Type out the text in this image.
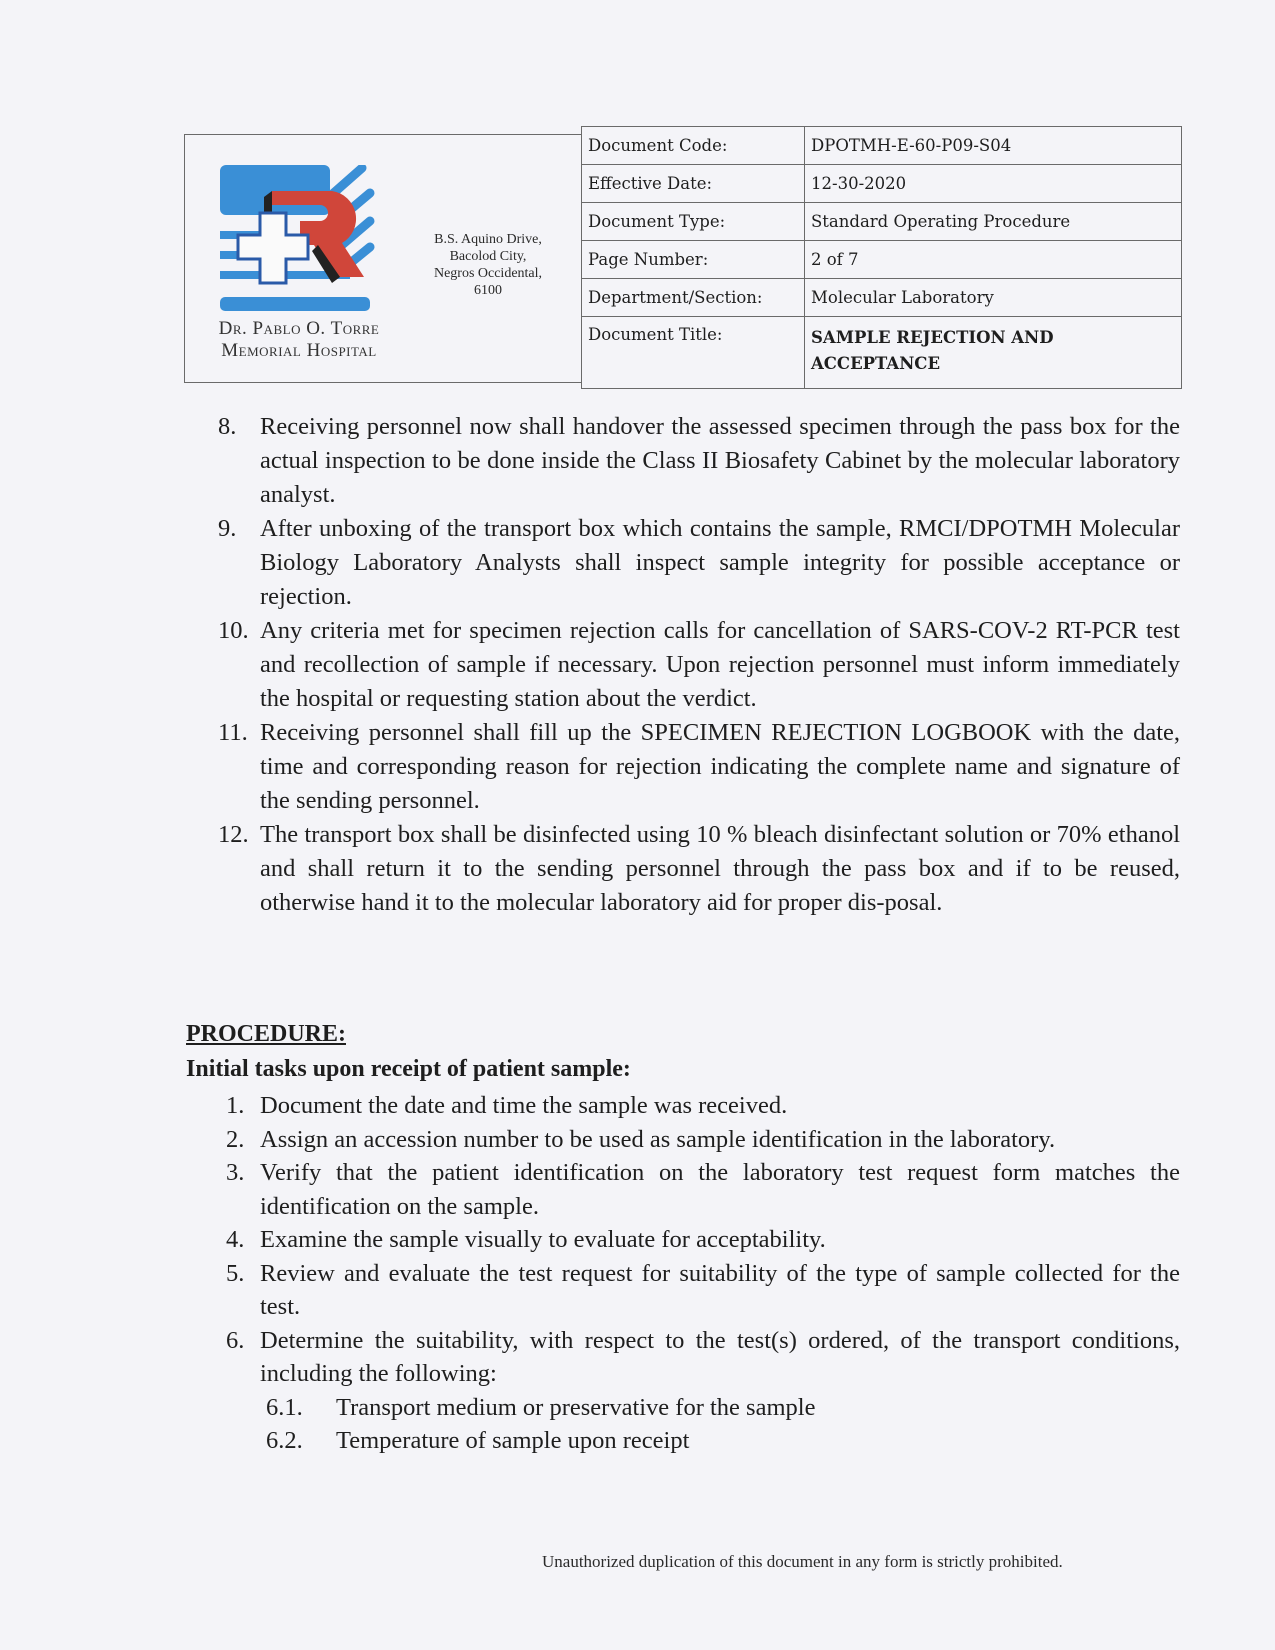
Dr. Pablo O. Torre
Memorial Hospital
B.S. Aquino Drive,
Bacolod City,
Negros Occidental,
6100
Document Code:	DPOTMH-E-60-P09-S04
Effective Date:	12-30-2020
Document Type:	Standard Operating Procedure
Page Number:	2 of 7
Department/Section:	Molecular Laboratory
Document Title:	SAMPLE REJECTION AND ACCEPTANCE
8. Receiving personnel now shall handover the assessed specimen through the pass box for the actual inspection to be done inside the Class II Biosafety Cabinet by the molecular laboratory analyst.
9. After unboxing of the transport box which contains the sample, RMCI/DPOTMH Molecular Biology Laboratory Analysts shall inspect sample integrity for possible acceptance or rejection.
10. Any criteria met for specimen rejection calls for cancellation of SARS-COV-2 RT-PCR test and recollection of sample if necessary. Upon rejection personnel must inform immediately the hospital or requesting station about the verdict.
11. Receiving personnel shall fill up the SPECIMEN REJECTION LOGBOOK with the date, time and corresponding reason for rejection indicating the complete name and signature of the sending personnel.
12. The transport box shall be disinfected using 10 % bleach disinfectant solution or 70% ethanol and shall return it to the sending personnel through the pass box and if to be reused, otherwise hand it to the molecular laboratory aid for proper dis-posal.
PROCEDURE:
Initial tasks upon receipt of patient sample:
1. Document the date and time the sample was received.
2. Assign an accession number to be used as sample identification in the laboratory.
3. Verify that the patient identification on the laboratory test request form matches the identification on the sample.
4. Examine the sample visually to evaluate for acceptability.
5. Review and evaluate the test request for suitability of the type of sample collected for the test.
6. Determine the suitability, with respect to the test(s) ordered, of the transport conditions, including the following:
6.1.	Transport medium or preservative for the sample
6.2.	Temperature of sample upon receipt
Unauthorized duplication of this document in any form is strictly prohibited.
